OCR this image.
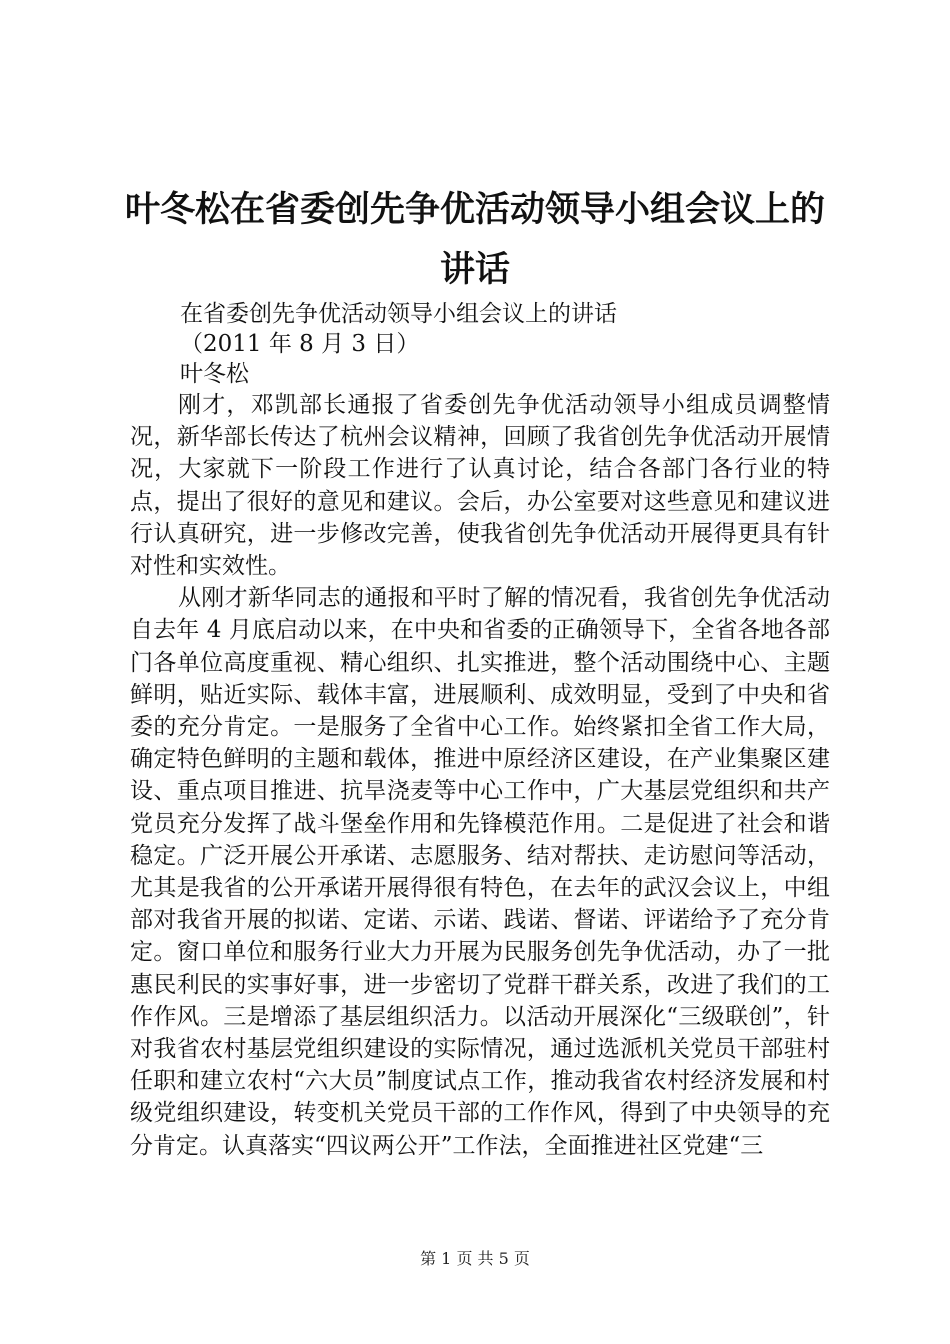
叶冬松在省委创先争优活动领导小组会议上的
讲话

在省委创先争优活动领导小组会议上的讲话

（2011 年 8 月 3 日）

叶冬松

刚才，邓凯部长通报了省委创先争优活动领导小组成员调整情况，新华部长传达了杭州会议精神，回顾了我省创先争优活动开展情况，大家就下一阶段工作进行了认真讨论，结合各部门各行业的特点，提出了很好的意见和建议。会后，办公室要对这些意见和建议进行认真研究，进一步修改完善，使我省创先争优活动开展得更具有针对性和实效性。

从刚才新华同志的通报和平时了解的情况看，我省创先争优活动自去年 4 月底启动以来，在中央和省委的正确领导下，全省各地各部门各单位高度重视、精心组织、扎实推进，整个活动围绕中心、主题鲜明，贴近实际、载体丰富，进展顺利、成效明显，受到了中央和省委的充分肯定。一是服务了全省中心工作。始终紧扣全省工作大局，确定特色鲜明的主题和载体，推进中原经济区建设，在产业集聚区建设、重点项目推进、抗旱浇麦等中心工作中，广大基层党组织和共产党员充分发挥了战斗堡垒作用和先锋模范作用。二是促进了社会和谐稳定。广泛开展公开承诺、志愿服务、结对帮扶、走访慰问等活动，尤其是我省的公开承诺开展得很有特色，在去年的武汉会议上，中组部对我省开展的拟诺、定诺、示诺、践诺、督诺、评诺给予了充分肯定。窗口单位和服务行业大力开展为民服务创先争优活动，办了一批惠民利民的实事好事，进一步密切了党群干群关系，改进了我们的工作作风。三是增添了基层组织活力。以活动开展深化“三级联创”，针对我省农村基层党组织建设的实际情况，通过选派机关党员干部驻村任职和建立农村“六大员”制度试点工作，推动我省农村经济发展和村级党组织建设，转变机关党员干部的工作作风，得到了中央领导的充分肯定。认真落实“四议两公开”工作法，全面推进社区党建“三

第 1 页 共 5 页
